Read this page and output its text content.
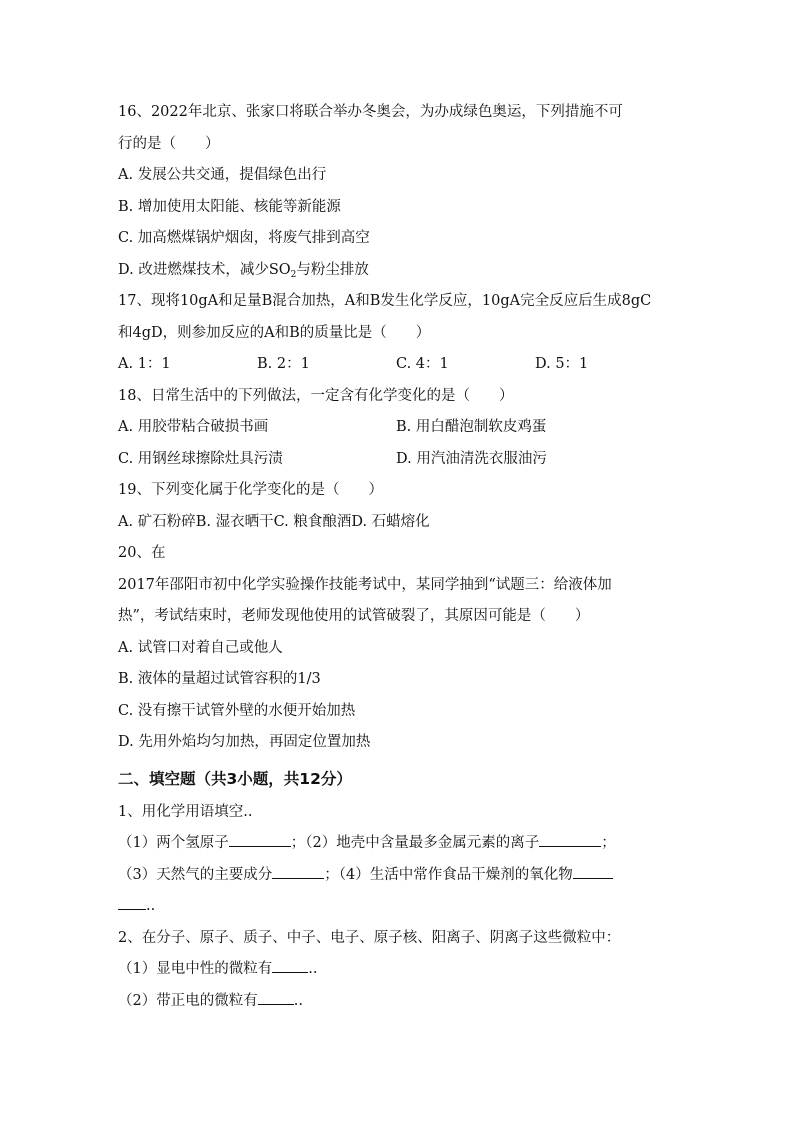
16、2022年北京、张家口将联合举办冬奥会，为办成绿色奥运，下列措施不可
行的是（　　）
A. 发展公共交通，提倡绿色出行
B. 增加使用太阳能、核能等新能源
C. 加高燃煤锅炉烟囱，将废气排到高空
D. 改进燃煤技术，减少$SO_2$与粉尘排放
17、现将10gA和足量B混合加热，A和B发生化学反应，10gA完全反应后生成8gC
和4gD，则参加反应的A和B的质量比是（　　）
A. 1：1	B. 2：1	C. 4：1	D. 5：1
18、日常生活中的下列做法，一定含有化学变化的是（　　）
A. 用胶带粘合破损书画	B. 用白醋泡制软皮鸡蛋
C. 用钢丝球擦除灶具污渍	D. 用汽油清洗衣服油污
19、下列变化属于化学变化的是（　　）
A. 矿石粉碎B. 湿衣晒干C. 粮食酿酒D. 石蜡熔化
20、在
2017年邵阳市初中化学实验操作技能考试中，某同学抽到“试题三：给液体加
热”，考试结束时，老师发现他使用的试管破裂了，其原因可能是（　　）
A. 试管口对着自己或他人
B. 液体的量超过试管容积的1/3
C. 没有擦干试管外壁的水便开始加热
D. 先用外焰均匀加热，再固定位置加热
二、填空题（共3小题，共12分）
1、用化学用语填空..
（1）两个氢原子	；（2）地壳中含量最多金属元素的离子	；
（3）天然气的主要成分	；（4）生活中常作食品干燥剂的氧化物
..
2、在分子、原子、质子、中子、电子、原子核、阳离子、阴离子这些微粒中：
（1）显电中性的微粒有 ..
（2）带正电的微粒有 ..
